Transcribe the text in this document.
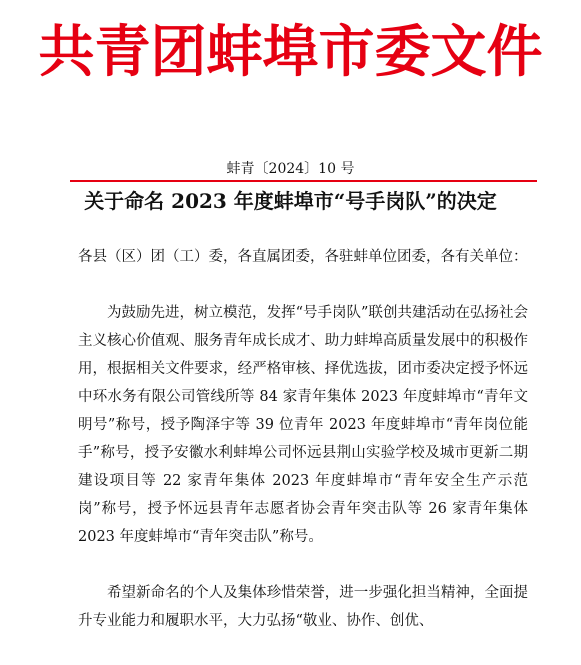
共青团蚌埠市委文件
蚌青〔2024〕10 号
关于命名 2023 年度蚌埠市“号手岗队”的决定

各县（区）团（工）委，各直属团委，各驻蚌单位团委，各有关单位：

为鼓励先进，树立模范，发挥“号手岗队”联创共建活动在弘扬社会主义核心价值观、服务青年成长成才、助力蚌埠高质量发展中的积极作用，根据相关文件要求，经严格审核、择优选拔，团市委决定授予怀远中环水务有限公司管线所等 84 家青年集体 2023 年度蚌埠市“青年文明号”称号，授予陶泽宇等 39 位青年 2023 年度蚌埠市“青年岗位能手”称号，授予安徽水利蚌埠公司怀远县荆山实验学校及城市更新二期建设项目等 22 家青年集体 2023 年度蚌埠市“青年安全生产示范岗”称号，授予怀远县青年志愿者协会青年突击队等 26 家青年集体 2023 年度蚌埠市“青年突击队”称号。

希望新命名的个人及集体珍惜荣誉，进一步强化担当精神，全面提升专业能力和履职水平，大力弘扬“敬业、协作、创优、
